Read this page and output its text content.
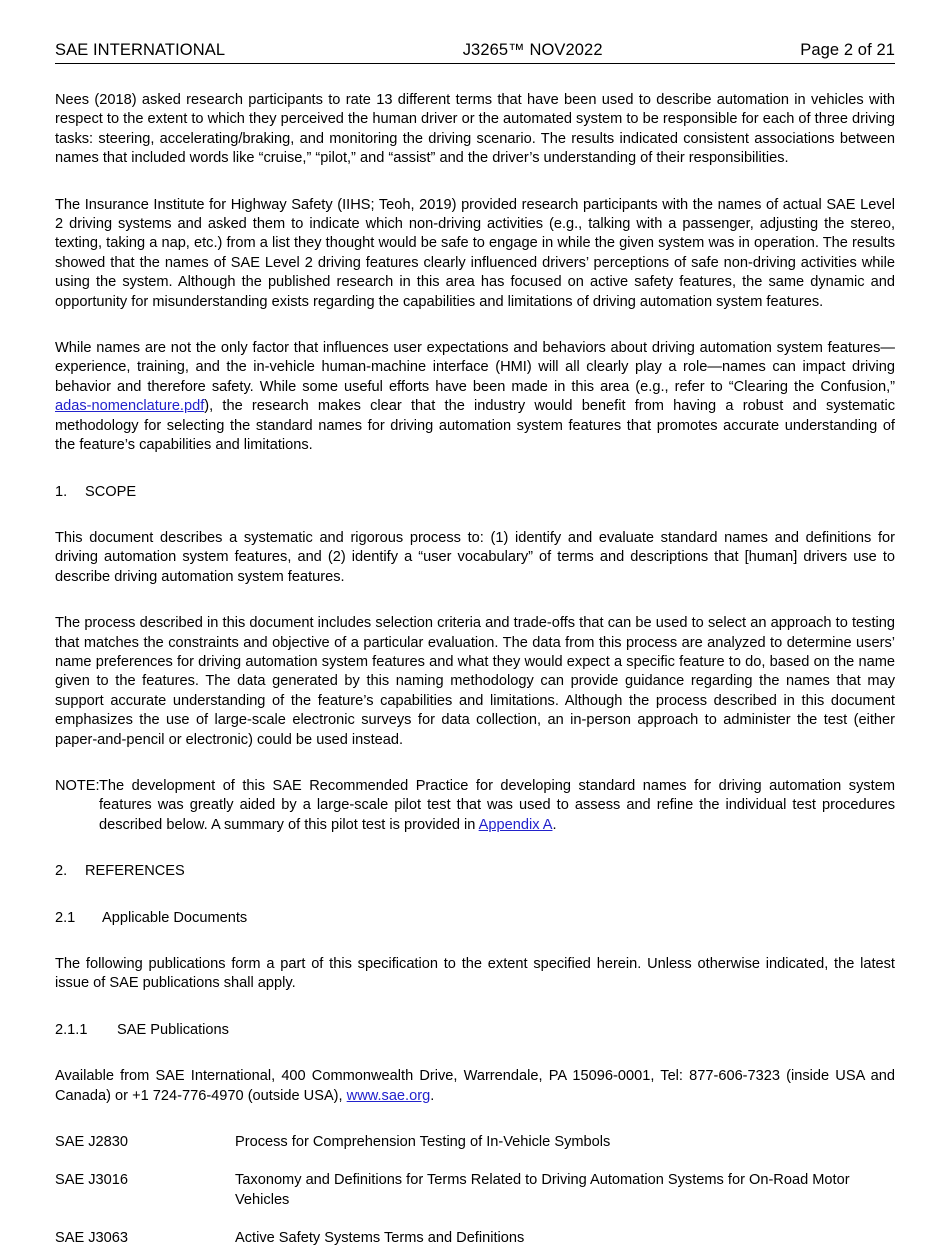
SAE INTERNATIONAL	J3265™ NOV2022	Page 2 of 21

Nees (2018) asked research participants to rate 13 different terms that have been used to describe automation in vehicles with respect to the extent to which they perceived the human driver or the automated system to be responsible for each of three driving tasks: steering, accelerating/braking, and monitoring the driving scenario. The results indicated consistent associations between names that included words like “cruise,” “pilot,” and “assist” and the driver’s understanding of their responsibilities.

The Insurance Institute for Highway Safety (IIHS; Teoh, 2019) provided research participants with the names of actual SAE Level 2 driving systems and asked them to indicate which non-driving activities (e.g., talking with a passenger, adjusting the stereo, texting, taking a nap, etc.) from a list they thought would be safe to engage in while the given system was in operation. The results showed that the names of SAE Level 2 driving features clearly influenced drivers’ perceptions of safe non-driving activities while using the system. Although the published research in this area has focused on active safety features, the same dynamic and opportunity for misunderstanding exists regarding the capabilities and limitations of driving automation system features.

While names are not the only factor that influences user expectations and behaviors about driving automation system features—experience, training, and the in-vehicle human-machine interface (HMI) will all clearly play a role—names can impact driving behavior and therefore safety. While some useful efforts have been made in this area (e.g., refer to “Clearing the Confusion,” adas-nomenclature.pdf), the research makes clear that the industry would benefit from having a robust and systematic methodology for selecting the standard names for driving automation system features that promotes accurate understanding of the feature’s capabilities and limitations.

1. SCOPE

This document describes a systematic and rigorous process to: (1) identify and evaluate standard names and definitions for driving automation system features, and (2) identify a “user vocabulary” of terms and descriptions that [human] drivers use to describe driving automation system features.

The process described in this document includes selection criteria and trade-offs that can be used to select an approach to testing that matches the constraints and objective of a particular evaluation. The data from this process are analyzed to determine users’ name preferences for driving automation system features and what they would expect a specific feature to do, based on the name given to the features. The data generated by this naming methodology can provide guidance regarding the names that may support accurate understanding of the feature’s capabilities and limitations. Although the process described in this document emphasizes the use of large-scale electronic surveys for data collection, an in-person approach to administer the test (either paper-and-pencil or electronic) could be used instead.

NOTE: The development of this SAE Recommended Practice for developing standard names for driving automation system features was greatly aided by a large-scale pilot test that was used to assess and refine the individual test procedures described below. A summary of this pilot test is provided in Appendix A.

2. REFERENCES

2.1 Applicable Documents

The following publications form a part of this specification to the extent specified herein. Unless otherwise indicated, the latest issue of SAE publications shall apply.

2.1.1 SAE Publications

Available from SAE International, 400 Commonwealth Drive, Warrendale, PA 15096-0001, Tel: 877-606-7323 (inside USA and Canada) or +1 724-776-4970 (outside USA), www.sae.org.

SAE J2830	Process for Comprehension Testing of In-Vehicle Symbols
SAE J3016	Taxonomy and Definitions for Terms Related to Driving Automation Systems for On-Road Motor Vehicles
SAE J3063	Active Safety Systems Terms and Definitions
